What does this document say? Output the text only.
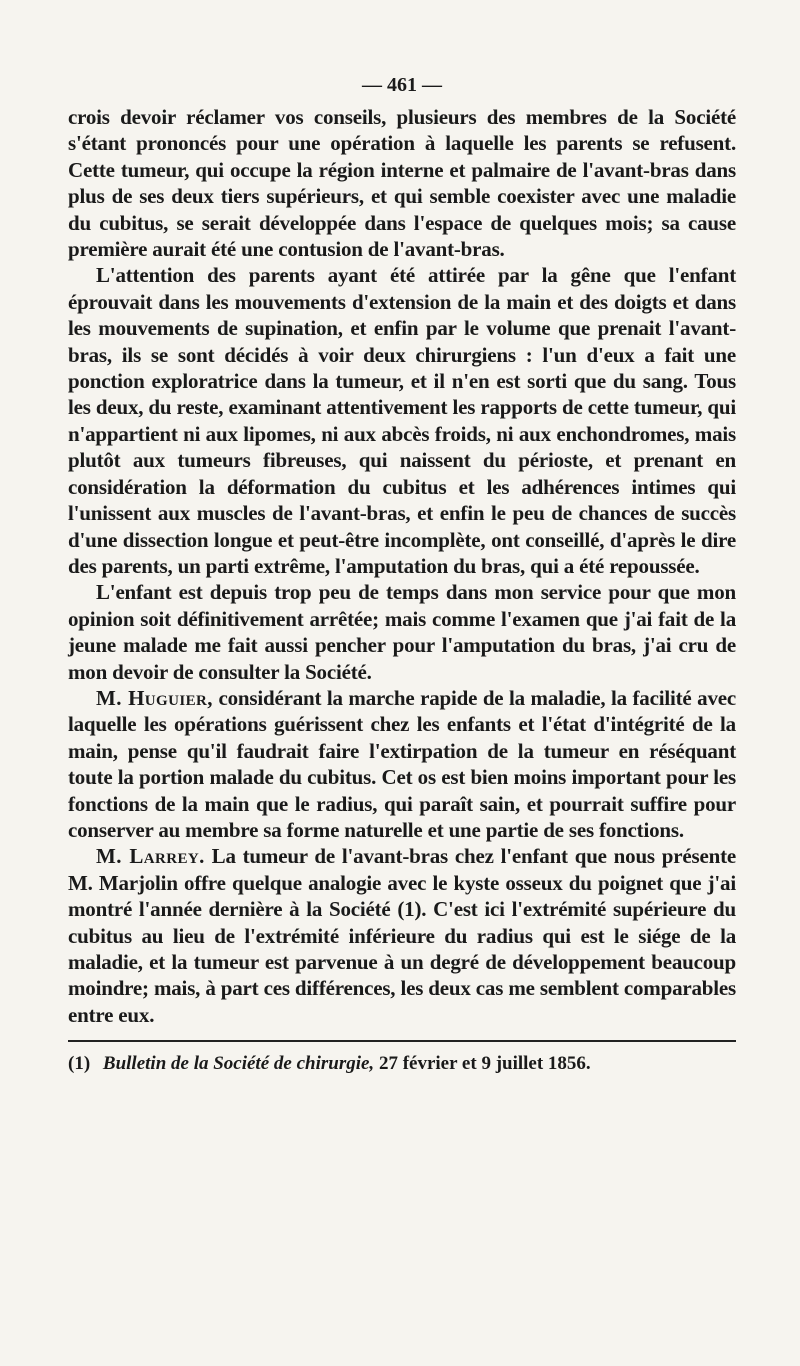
— 461 —

crois devoir réclamer vos conseils, plusieurs des membres de la Société s'étant prononcés pour une opération à laquelle les parents se refusent. Cette tumeur, qui occupe la région interne et palmaire de l'avant-bras dans plus de ses deux tiers supérieurs, et qui semble coexister avec une maladie du cubitus, se serait développée dans l'espace de quelques mois; sa cause première aurait été une contusion de l'avant-bras.

L'attention des parents ayant été attirée par la gêne que l'enfant éprouvait dans les mouvements d'extension de la main et des doigts et dans les mouvements de supination, et enfin par le volume que prenait l'avant-bras, ils se sont décidés à voir deux chirurgiens : l'un d'eux a fait une ponction exploratrice dans la tumeur, et il n'en est sorti que du sang. Tous les deux, du reste, examinant attentivement les rapports de cette tumeur, qui n'appartient ni aux lipomes, ni aux abcès froids, ni aux enchondromes, mais plutôt aux tumeurs fibreuses, qui naissent du périoste, et prenant en considération la déformation du cubitus et les adhérences intimes qui l'unissent aux muscles de l'avant-bras, et enfin le peu de chances de succès d'une dissection longue et peut-être incomplète, ont conseillé, d'après le dire des parents, un parti extrême, l'amputation du bras, qui a été repoussée.

L'enfant est depuis trop peu de temps dans mon service pour que mon opinion soit définitivement arrêtée; mais comme l'examen que j'ai fait de la jeune malade me fait aussi pencher pour l'amputation du bras, j'ai cru de mon devoir de consulter la Société.

M. Huguier, considérant la marche rapide de la maladie, la facilité avec laquelle les opérations guérissent chez les enfants et l'état d'intégrité de la main, pense qu'il faudrait faire l'extirpation de la tumeur en réséquant toute la portion malade du cubitus. Cet os est bien moins important pour les fonctions de la main que le radius, qui paraît sain, et pourrait suffire pour conserver au membre sa forme naturelle et une partie de ses fonctions.

M. Larrey. La tumeur de l'avant-bras chez l'enfant que nous présente M. Marjolin offre quelque analogie avec le kyste osseux du poignet que j'ai montré l'année dernière à la Société (1). C'est ici l'extrémité supérieure du cubitus au lieu de l'extrémité inférieure du radius qui est le siége de la maladie, et la tumeur est parvenue à un degré de développement beaucoup moindre; mais, à part ces différences, les deux cas me semblent comparables entre eux.

(1) Bulletin de la Société de chirurgie, 27 février et 9 juillet 1856.
